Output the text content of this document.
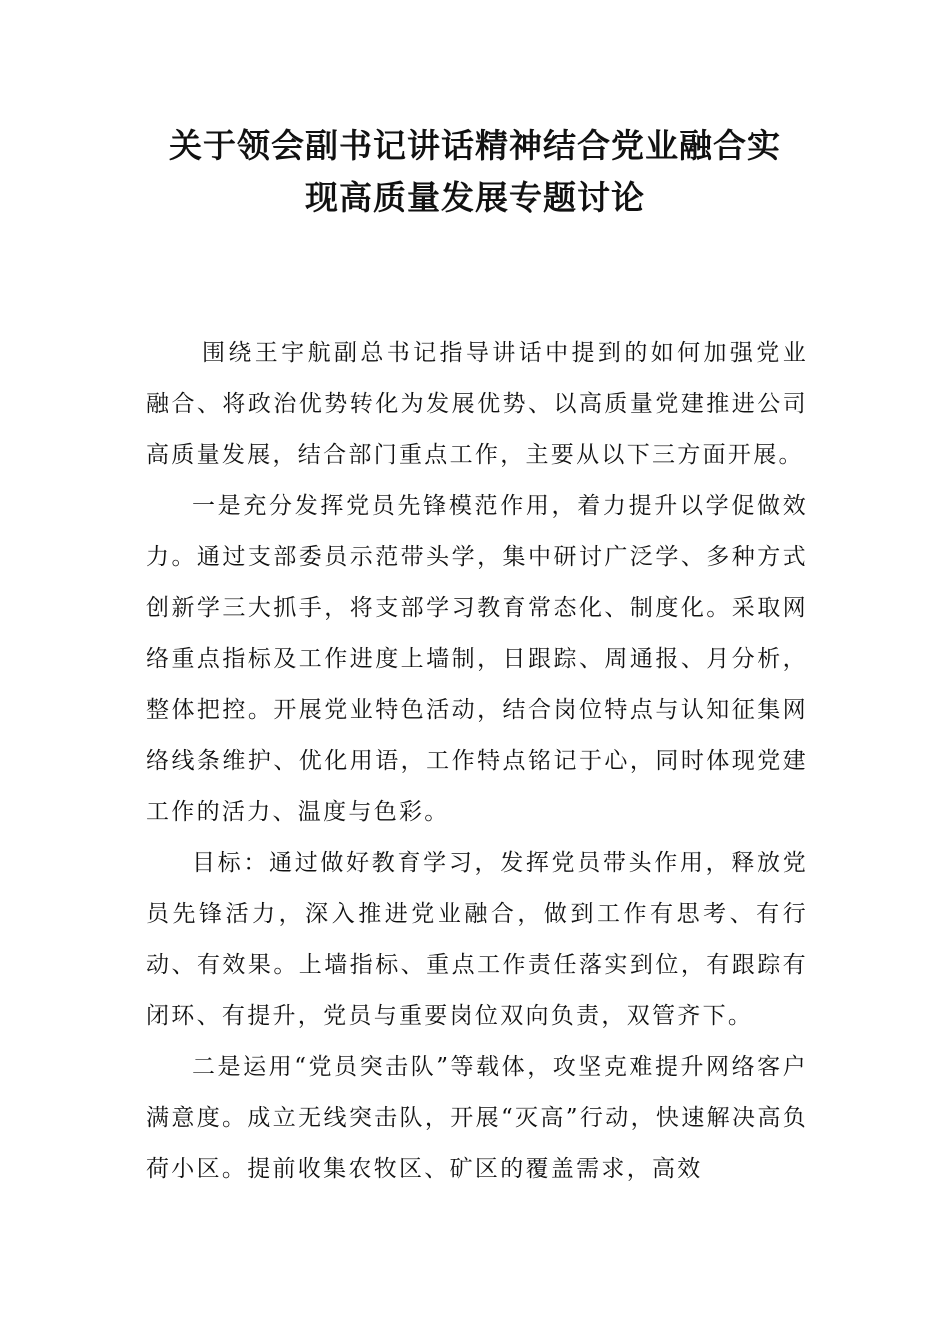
关于领会副书记讲话精神结合党业融合实
现高质量发展专题讨论

围绕王宇航副总书记指导讲话中提到的如何加强党业融合、将政治优势转化为发展优势、以高质量党建推进公司高质量发展，结合部门重点工作，主要从以下三方面开展。

一是充分发挥党员先锋模范作用，着力提升以学促做效力。通过支部委员示范带头学，集中研讨广泛学、多种方式创新学三大抓手，将支部学习教育常态化、制度化。采取网络重点指标及工作进度上墙制，日跟踪、周通报、月分析，整体把控。开展党业特色活动，结合岗位特点与认知征集网络线条维护、优化用语，工作特点铭记于心，同时体现党建工作的活力、温度与色彩。

目标：通过做好教育学习，发挥党员带头作用，释放党员先锋活力，深入推进党业融合，做到工作有思考、有行动、有效果。上墙指标、重点工作责任落实到位，有跟踪有闭环、有提升，党员与重要岗位双向负责，双管齐下。

二是运用“党员突击队”等载体，攻坚克难提升网络客户满意度。成立无线突击队，开展“灭高”行动，快速解决高负荷小区。提前收集农牧区、矿区的覆盖需求，高效
